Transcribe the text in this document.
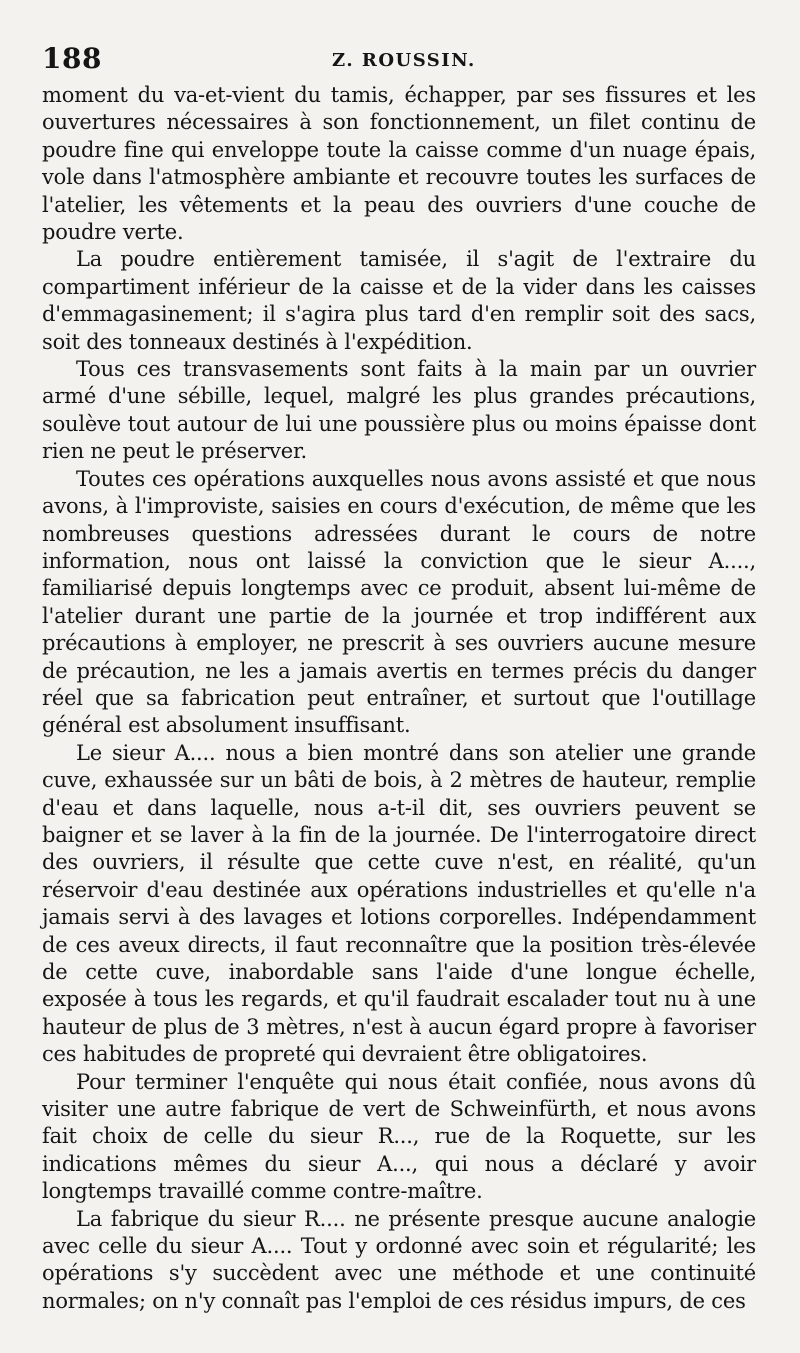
188	Z. ROUSSIN.

moment du va-et-vient du tamis, échapper, par ses fissures et les ouvertures nécessaires à son fonctionnement, un filet continu de poudre fine qui enveloppe toute la caisse comme d'un nuage épais, vole dans l'atmosphère ambiante et recouvre toutes les surfaces de l'atelier, les vêtements et la peau des ouvriers d'une couche de poudre verte.

La poudre entièrement tamisée, il s'agit de l'extraire du compartiment inférieur de la caisse et de la vider dans les caisses d'emmagasinement; il s'agira plus tard d'en remplir soit des sacs, soit des tonneaux destinés à l'expédition.

Tous ces transvasements sont faits à la main par un ouvrier armé d'une sébille, lequel, malgré les plus grandes précautions, soulève tout autour de lui une poussière plus ou moins épaisse dont rien ne peut le préserver.

Toutes ces opérations auxquelles nous avons assisté et que nous avons, à l'improviste, saisies en cours d'exécution, de même que les nombreuses questions adressées durant le cours de notre information, nous ont laissé la conviction que le sieur A...., familiarisé depuis longtemps avec ce produit, absent lui-même de l'atelier durant une partie de la journée et trop indifférent aux précautions à employer, ne prescrit à ses ouvriers aucune mesure de précaution, ne les a jamais avertis en termes précis du danger réel que sa fabrication peut entraîner, et surtout que l'outillage général est absolument insuffisant.

Le sieur A.... nous a bien montré dans son atelier une grande cuve, exhaussée sur un bâti de bois, à 2 mètres de hauteur, remplie d'eau et dans laquelle, nous a-t-il dit, ses ouvriers peuvent se baigner et se laver à la fin de la journée. De l'interrogatoire direct des ouvriers, il résulte que cette cuve n'est, en réalité, qu'un réservoir d'eau destinée aux opérations industrielles et qu'elle n'a jamais servi à des lavages et lotions corporelles. Indépendamment de ces aveux directs, il faut reconnaître que la position très-élevée de cette cuve, inabordable sans l'aide d'une longue échelle, exposée à tous les regards, et qu'il faudrait escalader tout nu à une hauteur de plus de 3 mètres, n'est à aucun égard propre à favoriser ces habitudes de propreté qui devraient être obligatoires.

Pour terminer l'enquête qui nous était confiée, nous avons dû visiter une autre fabrique de vert de Schweinfürth, et nous avons fait choix de celle du sieur R..., rue de la Roquette, sur les indications mêmes du sieur A..., qui nous a déclaré y avoir longtemps travaillé comme contre-maître.

La fabrique du sieur R.... ne présente presque aucune analogie avec celle du sieur A.... Tout y ordonné avec soin et régularité; les opérations s'y succèdent avec une méthode et une continuité normales; on n'y connaît pas l'emploi de ces résidus impurs, de ces
